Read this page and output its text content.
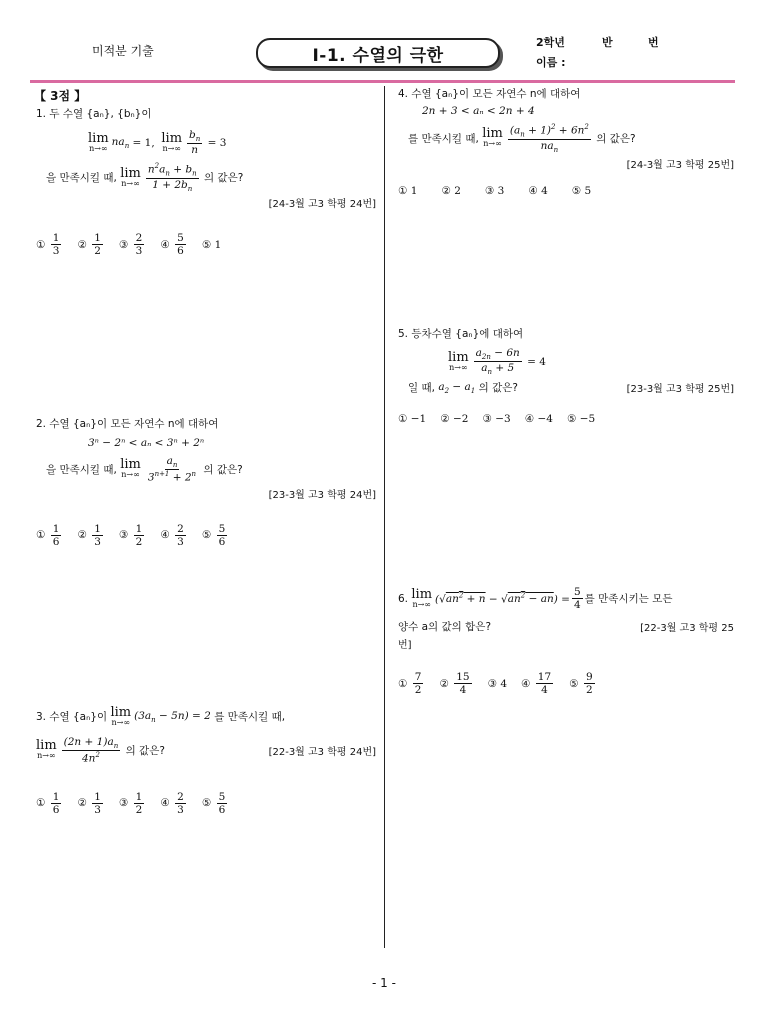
미적분 기출	Ⅰ-1. 수열의 극한
2학년	반	번
이름 :
【 3점 】
1.
두 수열 {aₙ}, {bₙ}이
lim
n→∞
$na_n = 1$, lim
$n\to\infty \frac{b_n}{n} = 3$
을 만족시킬 때,
lim
$n\to\infty \frac{n^2a_n + b_n}{1 + 2b_n}$
의 값은?
[24-3월 고3 학평 24번]
① $\frac{1}{3}$ ② $\frac{1}{2}$ ③ $\frac{2}{3}$ ④ $\frac{5}{6}$ ⑤ 1
2.
수열 {aₙ}이 모든 자연수 n에 대하여
3ⁿ − 2ⁿ < aₙ < 3ⁿ + 2ⁿ
을 만족시킬 때,
lim
$n\to\infty \frac{a_n}{3^{n+1} + 2^n}$
의 값은?
[23-3월 고3 학평 24번]
① $\frac{1}{6}$ ② $\frac{1}{3}$ ③ $\frac{1}{2}$ ④ $\frac{2}{3}$ ⑤ $\frac{5}{6}$
3.
수열 {aₙ}이
lim
n→∞
$(3a_n - 5n) = 2$
를 만족시킬 때,
lim
$n\to\infty \frac{(2n + 1)a_n}{4n^2}$
의 값은?	[22-3월 고3 학평 24번]
① $\frac{1}{6}$ ② $\frac{1}{3}$ ③ $\frac{1}{2}$ ④ $\frac{2}{3}$ ⑤ $\frac{5}{6}$
4.
수열 {aₙ}이 모든 자연수 n에 대하여
2n + 3 < aₙ < 2n + 4
를 만족시킬 때,
lim
$n\to\infty \frac{(a_n + 1)^2 + 6n^2}{na_n}$
의 값은?
[24-3월 고3 학평 25번]
① 1 ② 2 ③ 3 ④ 4 ⑤ 5
5.
등차수열 {aₙ}에 대하여
lim
$n\to\infty \frac{a_{2n} - 6n}{a_n + 5} = 4$
일 때,
$a_2 - a_1$
의 값은?	[23-3월 고3 학평 25번]
① −1 ② −2 ③ −3 ④ −4 ⑤ −5
6.
lim
n→∞ $(√an^2 + n - √an^2 - an) = \frac{5}{4}$ 를 만족시키는 모든
양수 a의 값의 합은?	[22-3월 고3 학평 25
번]
① $\frac{7}{2}$ ② $\frac{15}{4}$ ③ 4 ④ $\frac{17}{4}$ ⑤ $\frac{9}{2}$
- 1 -
